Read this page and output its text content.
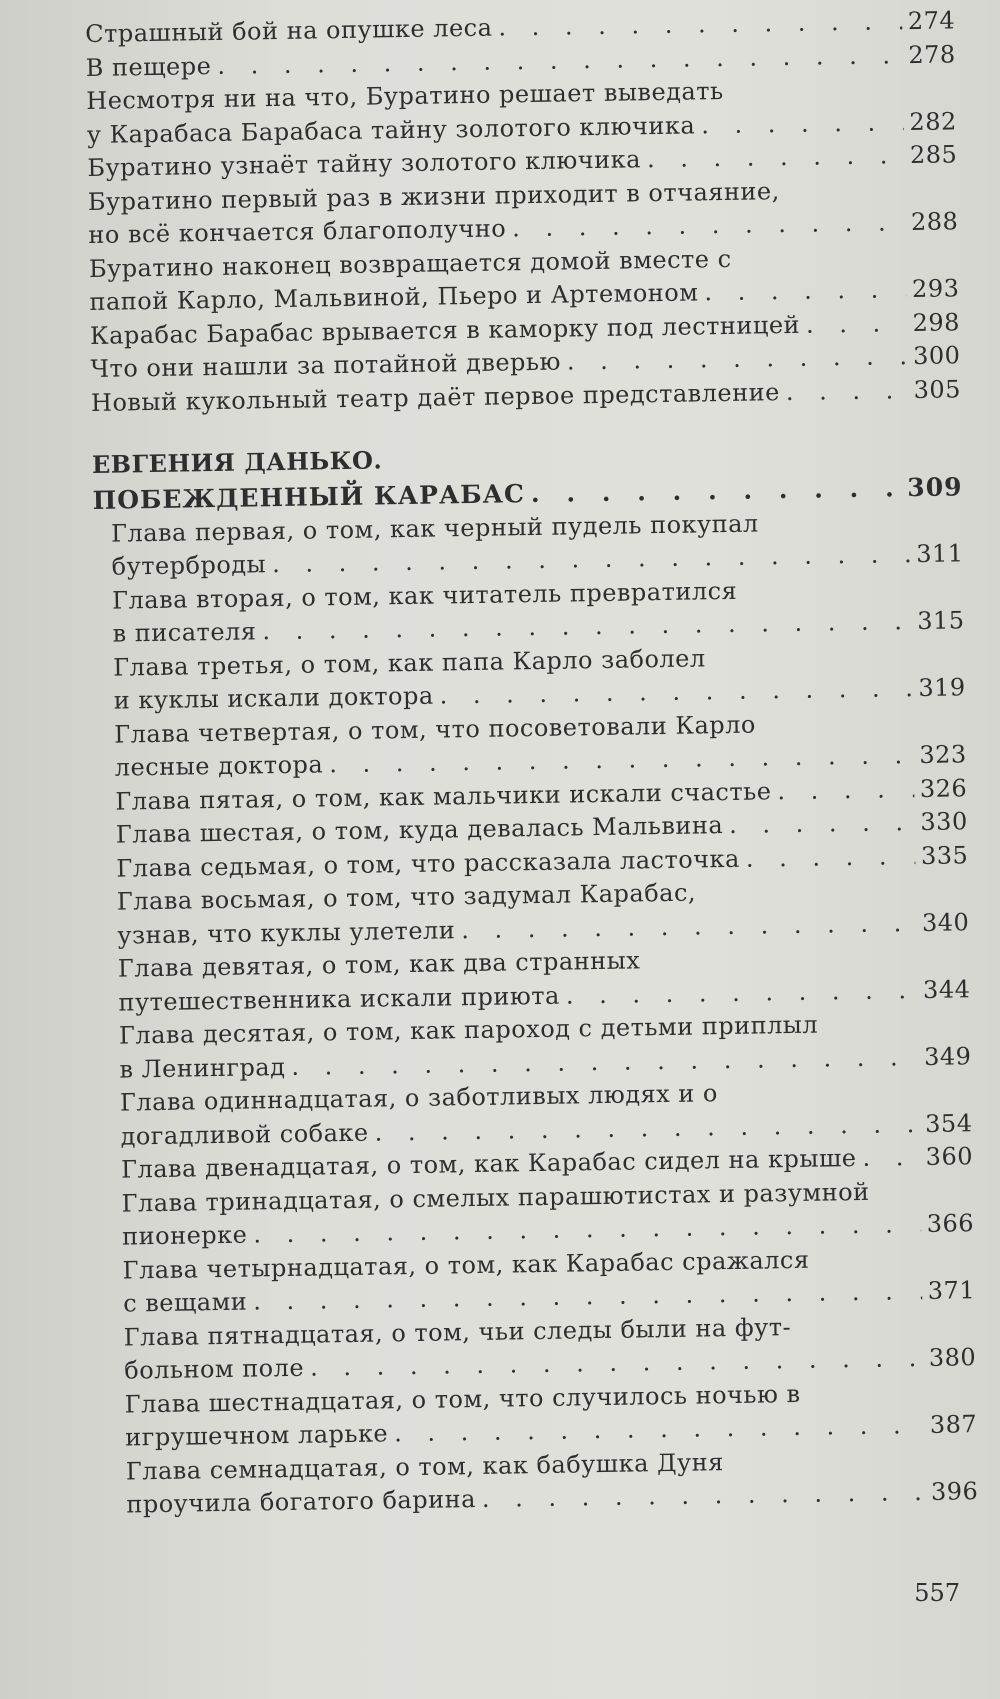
Страшный бой на опушке леса . . .	274
В пещере . . .	278
Несмотря ни на что, Буратино решает выведать
у Карабаса Барабаса тайну золотого ключика . . .	282
Буратино узнаёт тайну золотого ключика . . .	285
Буратино первый раз в жизни приходит в отчаяние,
но всё кончается благополучно . . .	288
Буратино наконец возвращается домой вместе с
папой Карло, Мальвиной, Пьеро и Артемоном . . .	293
Карабас Барабас врывается в каморку под лестницей . . .	298
Что они нашли за потайной дверью . . .	300
Новый кукольный театр даёт первое представление . . .	305
ЕВГЕНИЯ ДАНЬКО.
ПОБЕЖДЕННЫЙ КАРАБАС . . .	309
Глава первая, о том, как черный пудель покупал
бутерброды . . .	311
Глава вторая, о том, как читатель превратился
в писателя . . .	315
Глава третья, о том, как папа Карло заболел
и куклы искали доктора . . .	319
Глава четвертая, о том, что посоветовали Карло
лесные доктора . . .	323
Глава пятая, о том, как мальчики искали счастье . . .	326
Глава шестая, о том, куда девалась Мальвина . . .	330
Глава седьмая, о том, что рассказала ласточка . . .	335
Глава восьмая, о том, что задумал Карабас,
узнав, что куклы улетели . . .	340
Глава девятая, о том, как два странных
путешественника искали приюта . . .	344
Глава десятая, о том, как пароход с детьми приплыл
в Ленинград . . .	349
Глава одиннадцатая, о заботливых людях и о
догадливой собаке . . .	354
Глава двенадцатая, о том, как Карабас сидел на крыше . . .	360
Глава тринадцатая, о смелых парашютистах и разумной
пионерке . . .	366
Глава четырнадцатая, о том, как Карабас сражался
с вещами . . .	371
Глава пятнадцатая, о том, чьи следы были на фут-
больном поле . . .	380
Глава шестнадцатая, о том, что случилось ночью в
игрушечном ларьке . . .	387
Глава семнадцатая, о том, как бабушка Дуня
проучила богатого барина . . .	396
557
